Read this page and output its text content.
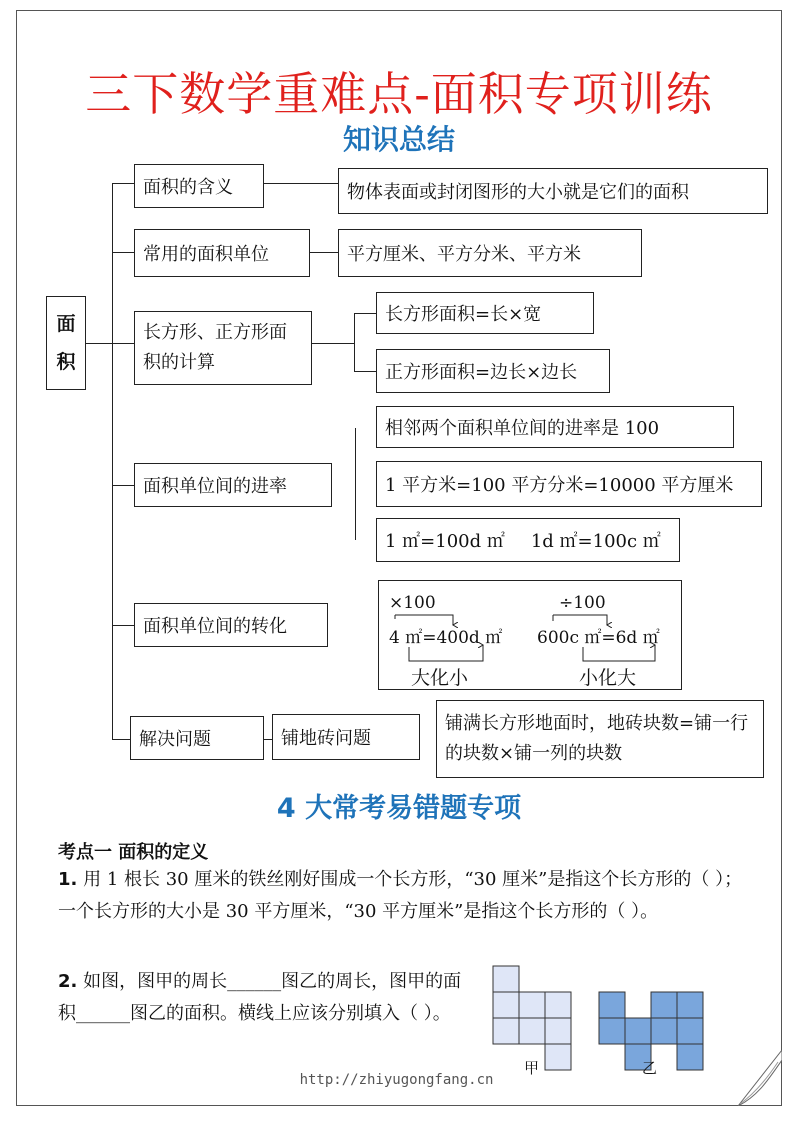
三下数学重难点-面积专项训练
知识总结
面
积
面积的含义	物体表面或封闭图形的大小就是它们的面积
常用的面积单位	平方厘米、平方分米、平方米
长方形、正方形面积的计算
长方形面积=长×宽
正方形面积=边长×边长
面积单位间的进率
相邻两个面积单位间的进率是 100
1 平方米=100 平方分米=10000 平方厘米
1 ㎡=100d ㎡ 1d ㎡=100c ㎡
面积单位间的转化
×100
4 ㎡=400d ㎡
大化小
÷100
600c ㎡=6d ㎡
小化大
解决问题	铺地砖问题
铺满长方形地面时，地砖块数=铺一行的块数×铺一列的块数
4 大常考易错题专项
考点一 面积的定义
1. 用 1 根长 30 厘米的铁丝刚好围成一个长方形，“30 厘米”是指这个长方形的（ ）；一个长方形的大小是 30 平方厘米，“30 平方厘米”是指这个长方形的（ ）。
2. 如图，图甲的周长______图乙的周长，图甲的面积______图乙的面积。横线上应该分别填入（ ）。
甲	乙
http://zhiyugongfang.cn
